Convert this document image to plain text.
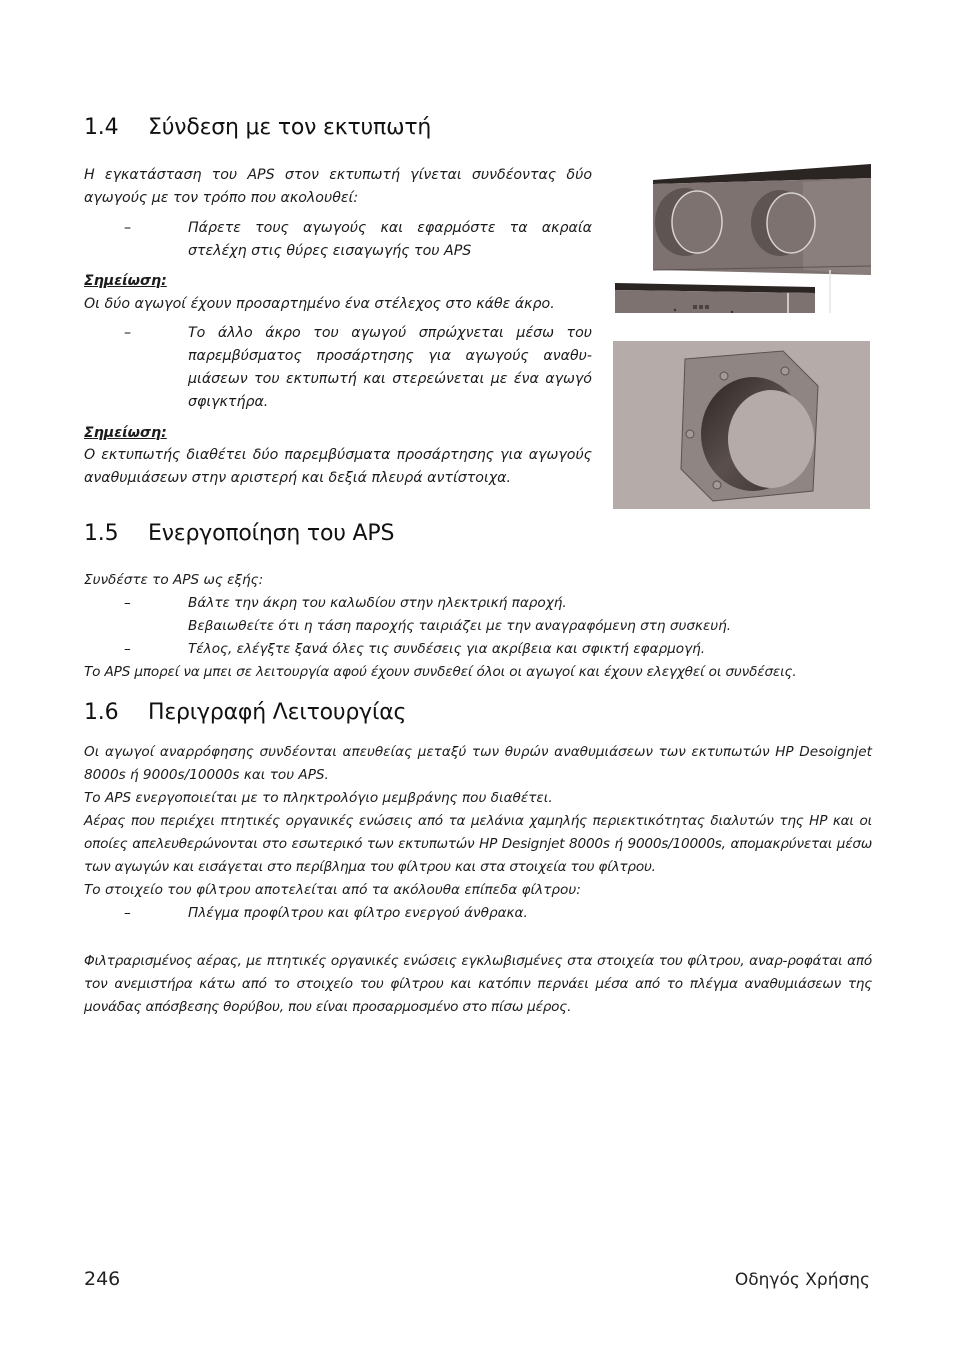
1.4 Σύνδεση με τον εκτυπωτή

Η εγκατάσταση του APS στον εκτυπωτή γίνεται συνδέοντας δύο αγωγούς με τον τρόπο που ακολουθεί:

–	Πάρετε τους αγωγούς και εφαρμόστε τα ακραία στελέχη στις θύρες εισαγωγής του APS

Σημείωση:

Οι δύο αγωγοί έχουν προσαρτημένο ένα στέλεχος στο κάθε άκρο.

–	Το άλλο άκρο του αγωγού σπρώχνεται μέσω του παρεμβύσματος προσάρτησης για αγωγούς αναθυ-μιάσεων του εκτυπωτή και στερεώνεται με ένα αγωγό σφιγκτήρα.

Σημείωση:

Ο εκτυπωτής διαθέτει δύο παρεμβύσματα προσάρτησης για αγωγούς αναθυμιάσεων στην αριστερή και δεξιά πλευρά αντίστοιχα.

1.5 Ενεργοποίηση του APS

Συνδέστε το APS ως εξής:

–	Βάλτε την άκρη του καλωδίου στην ηλεκτρική παροχή.

Βεβαιωθείτε ότι η τάση παροχής ταιριάζει με την αναγραφόμενη στη συσκευή.

–	Τέλος, ελέγξτε ξανά όλες τις συνδέσεις για ακρίβεια και σφικτή εφαρμογή.

Το APS μπορεί να μπει σε λειτουργία αφού έχουν συνδεθεί όλοι οι αγωγοί και έχουν ελεγχθεί οι συνδέσεις.

1.6 Περιγραφή Λειτουργίας

Οι αγωγοί αναρρόφησης συνδέονται απευθείας μεταξύ των θυρών αναθυμιάσεων των εκτυπωτών HP Desoignjet 8000s ή 9000s/10000s και του APS.

Το APS ενεργοποιείται με το πληκτρολόγιο μεμβράνης που διαθέτει.

Αέρας που περιέχει πτητικές οργανικές ενώσεις από τα μελάνια χαμηλής περιεκτικότητας διαλυτών της HP και οι οποίες απελευθερώνονται στο εσωτερικό των εκτυπωτών HP Designjet 8000s ή 9000s/10000s, απομακρύνεται μέσω των αγωγών και εισάγεται στο περίβλημα του φίλτρου και στα στοιχεία του φίλτρου.

Το στοιχείο του φίλτρου αποτελείται από τα ακόλουθα επίπεδα φίλτρου:

–	Πλέγμα προφίλτρου και φίλτρο ενεργού άνθρακα.

Φιλτραρισμένος αέρας, με πτητικές οργανικές ενώσεις εγκλωβισμένες στα στοιχεία του φίλτρου, αναρ-ροφάται από τον ανεμιστήρα κάτω από το στοιχείο του φίλτρου και κατόπιν περνάει μέσα από το πλέγμα αναθυμιάσεων της μονάδας απόσβεσης θορύβου, που είναι προσαρμοσμένο στο πίσω μέρος.

246	Οδηγός Χρήσης
